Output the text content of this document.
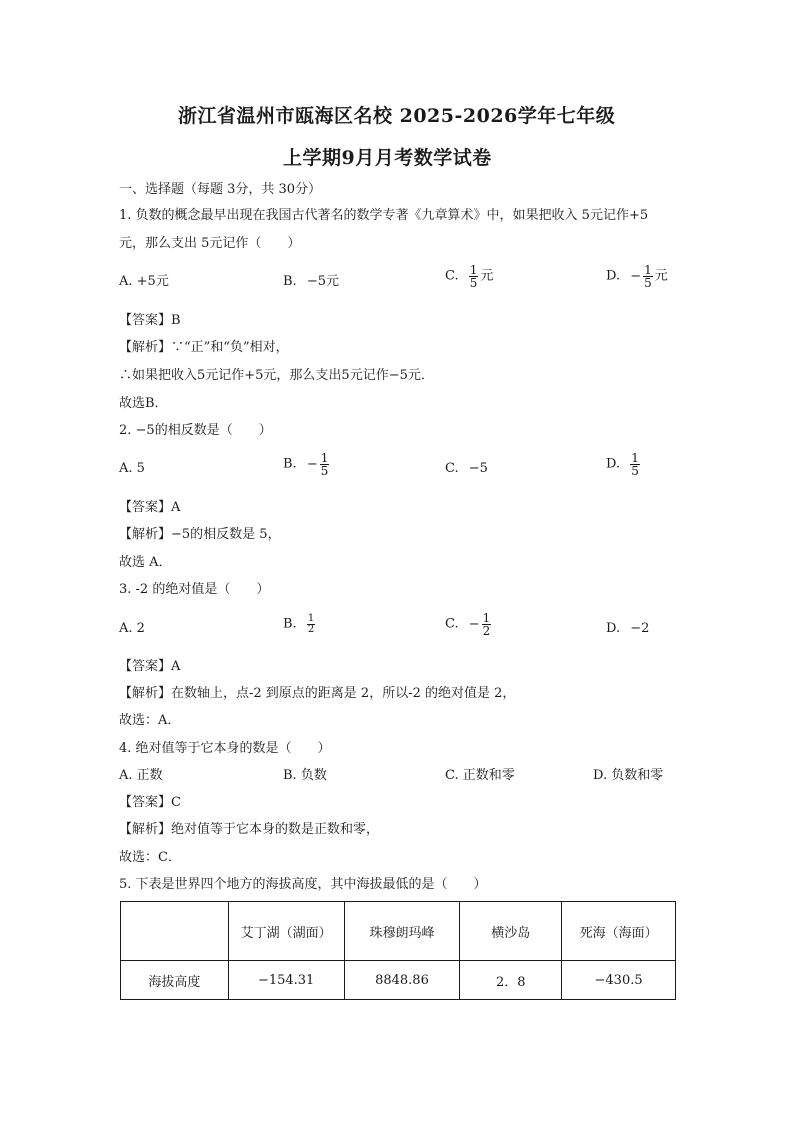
浙江省温州市瓯海区名校 2025-2026学年七年级
上学期9月月考数学试卷
一、选择题（每题 3分，共 30分）
1. 负数的概念最早出现在我国古代著名的数学专著《九章算术》中，如果把收入 5元记作+5
元，那么支出 5元记作（　　）
A. +5元	B. −5元	C. $\frac{1}{5}$ 元	D. − $\frac{1}{5}$ 元
【答案】B
【解析】∵“正”和“负”相对，
∴如果把收入5元记作+5元，那么支出5元记作−5元．
故选B．
2. −5的相反数是（　　）
A. 5	B. − $\frac{1}{5}$	C. −5	D. $\frac{1}{5}$
【答案】A
【解析】−5的相反数是 5，
故选 A．
3. -2 的绝对值是（　　）
A. 2	B. $\frac{1}{2}$	C. − $\frac{1}{2}$	D. −2
【答案】A
【解析】在数轴上，点-2 到原点的距离是 2，所以-2 的绝对值是 2，
故选：A．
4. 绝对值等于它本身的数是（　　）
A. 正数	B. 负数	C. 正数和零	D. 负数和零
【答案】C
【解析】绝对值等于它本身的数是正数和零，
故选：C．
5. 下表是世界四个地方的海拔高度，其中海拔最低的是（　　）
	艾丁湖（湖面）	珠穆朗玛峰	横沙岛	死海（海面）
海拔高度	−154.31	8848.86	2．8	−430.5
